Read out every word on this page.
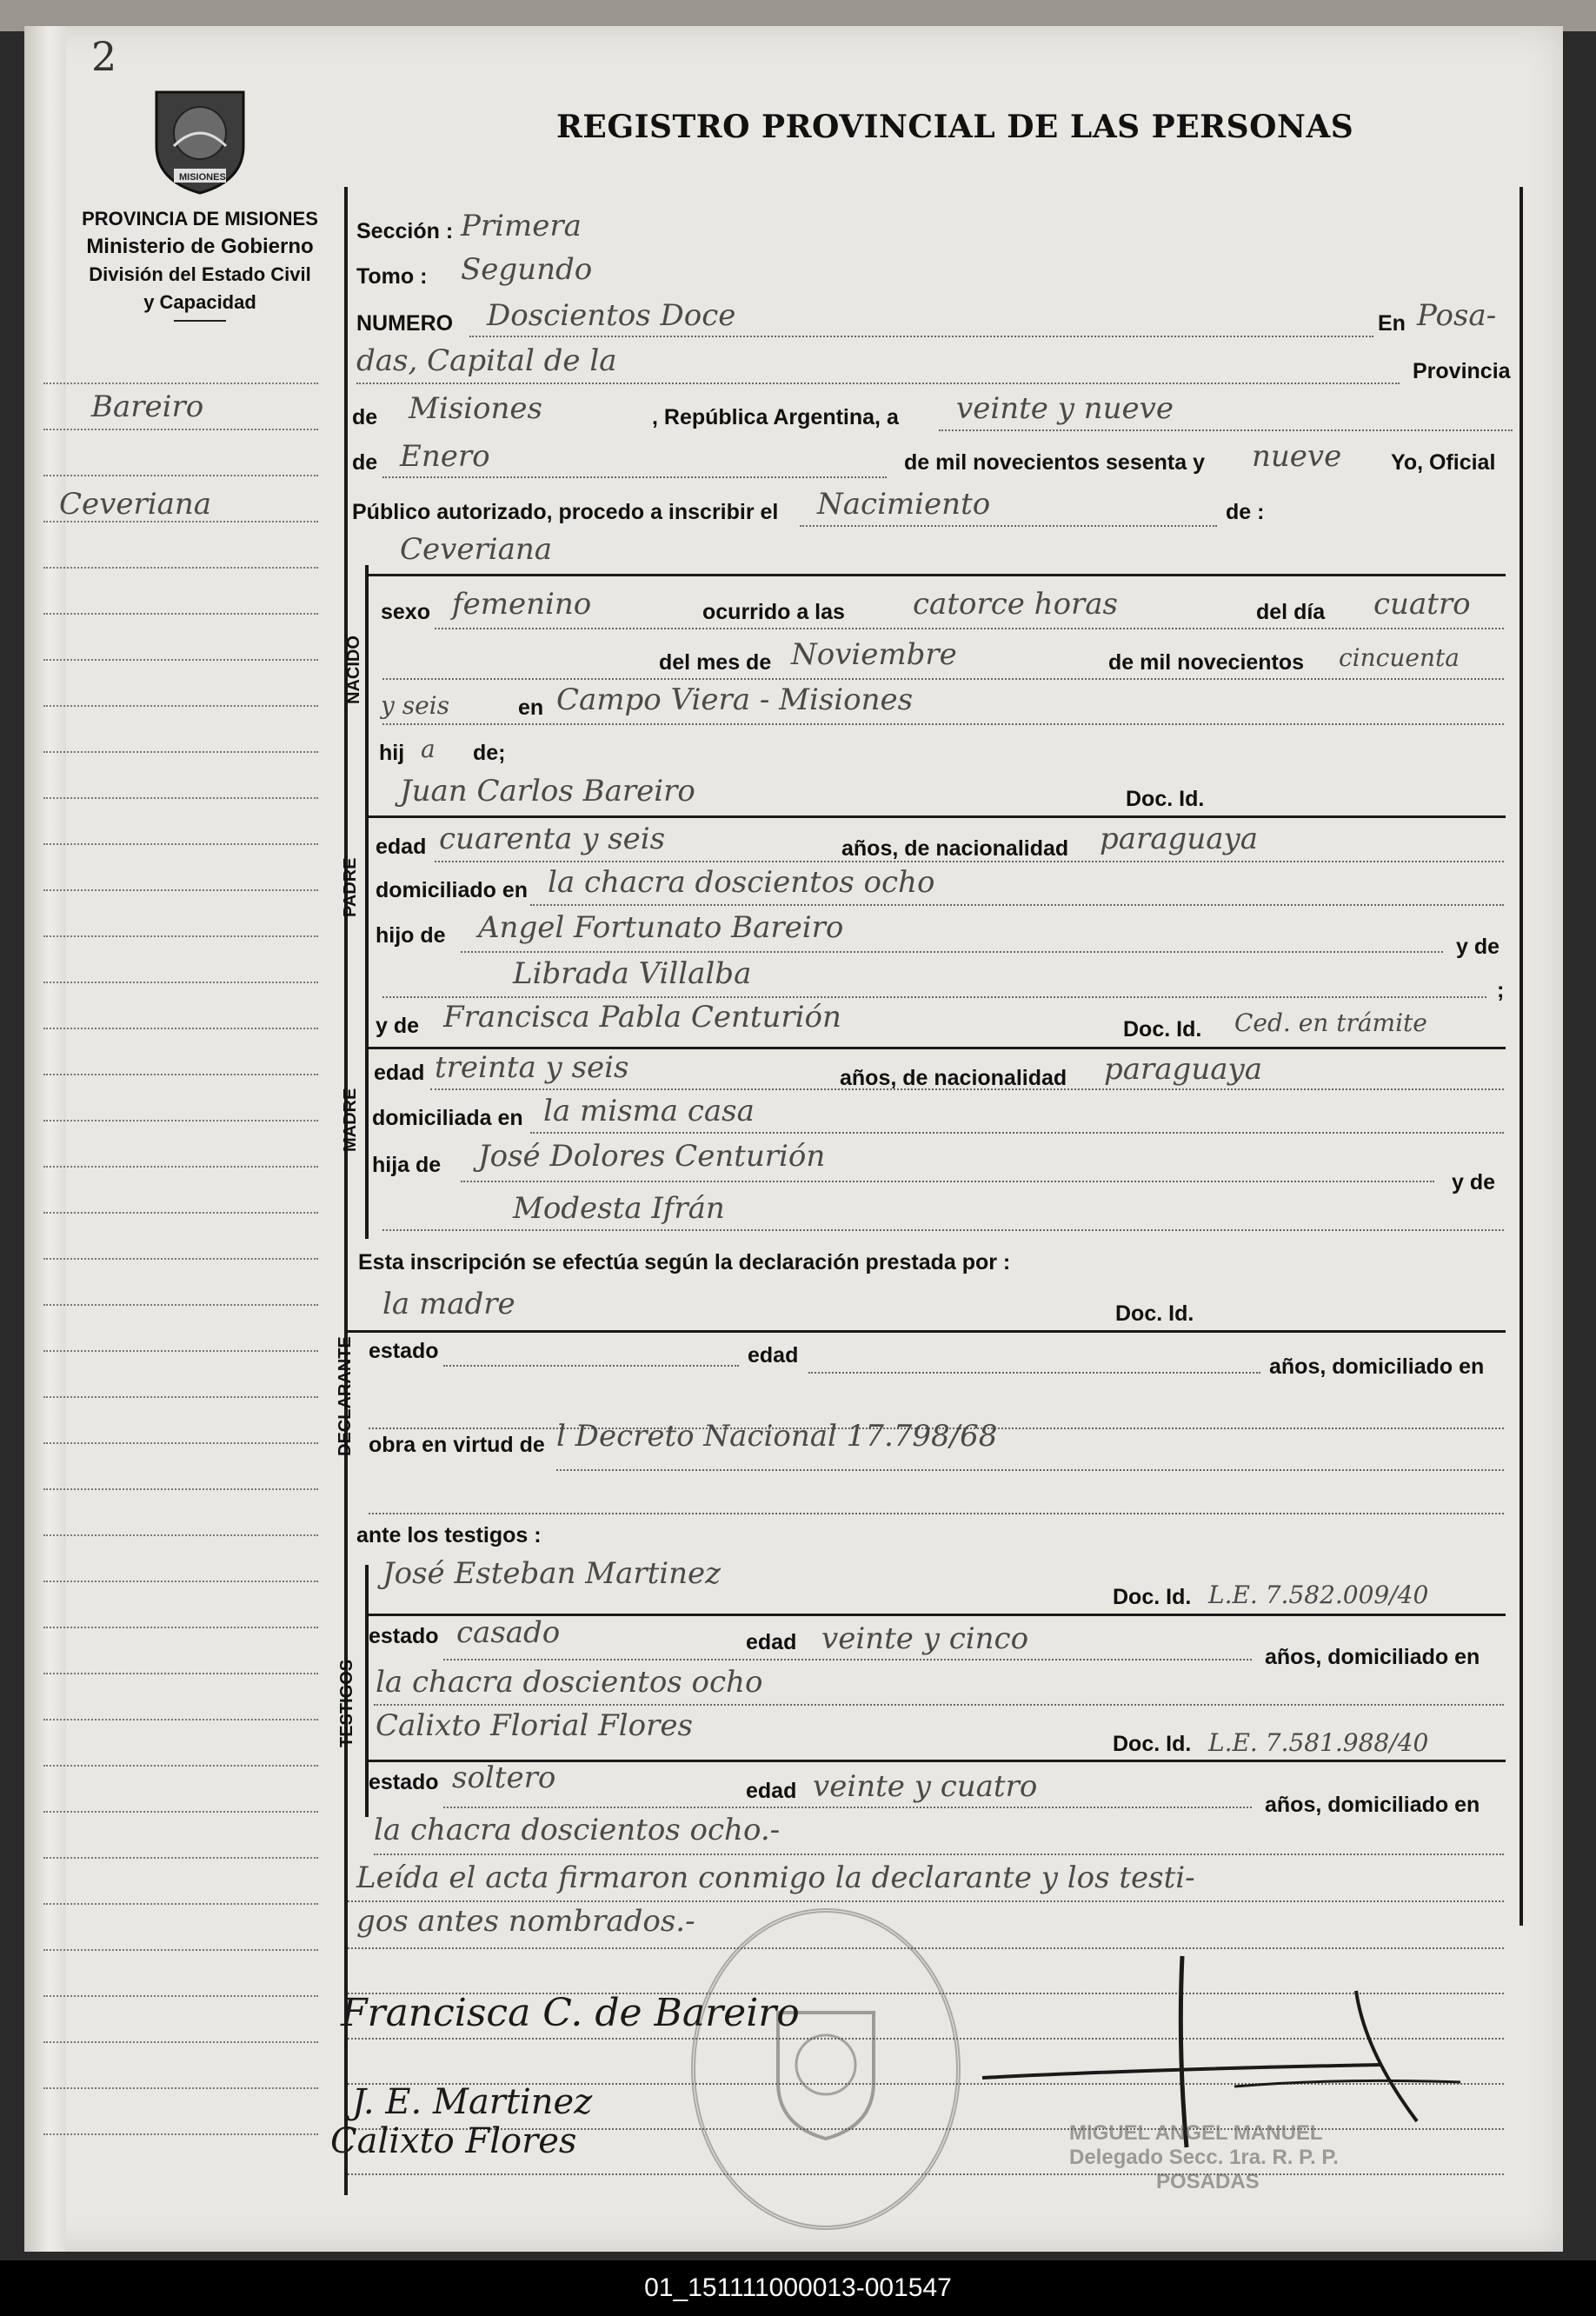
2
MISIONES
REGISTRO PROVINCIAL DE LAS PERSONAS
PROVINCIA DE MISIONES
Ministerio de Gobierno
División del Estado Civil
y Capacidad
Bareiro
Ceveriana
Sección : Primera
Tomo : Segundo
NUMERO Doscientos Doce	En Posa-
das, Capital de la	Provincia
de Misiones	, República Argentina, a veinte y nueve
de Enero	de mil novecientos sesenta y nueve Yo, Oficial
Público autorizado, procedo a inscribir el Nacimiento	de :
Ceveriana
NACIDO
sexo femenino	ocurrido a las catorce horas	del día cuatro
del mes de Noviembre	de mil novecientos cincuenta
y seis	en Campo Viera - Misiones
hij a de;
PADRE
Juan Carlos Bareiro	Doc. Id.
edad cuarenta y seis	años, de nacionalidad paraguaya
domiciliado en la chacra doscientos ocho
hijo de Angel Fortunato Bareiro
y de
Librada Villalba	;
MADRE
y de Francisca Pabla Centurión	Doc. Id. Ced. en trámite
edad treinta y seis	años, de nacionalidad paraguaya
domiciliada en la misma casa
hija de José Dolores Centurión
y de
Modesta Ifrán
Esta inscripción se efectúa según la declaración prestada por :
la madre	Doc. Id.
DECLARANTE estado	edad	años, domiciliado en
obra en virtud de l Decreto Nacional 17.798/68
ante los testigos :
TESTIGOS
José Esteban Martinez
Doc. Id. L.E. 7.582.009/40
estado casado	edad veinte y cinco
años, domiciliado en
la chacra doscientos ocho
Calixto Florial Flores
Doc. Id. L.E. 7.581.988/40
estado soltero	edad veinte y cuatro
años, domiciliado en
la chacra doscientos ocho.-
Leída el acta firmaron conmigo la declarante y los testi-
gos antes nombrados.-
Francisca C. de Bareiro
J. E. Martinez
Calixto Flores	MIGUEL ANGEL MANUEL
Delegado Secc. 1ra. R. P. P.
POSADAS
01_151111000013-001547
